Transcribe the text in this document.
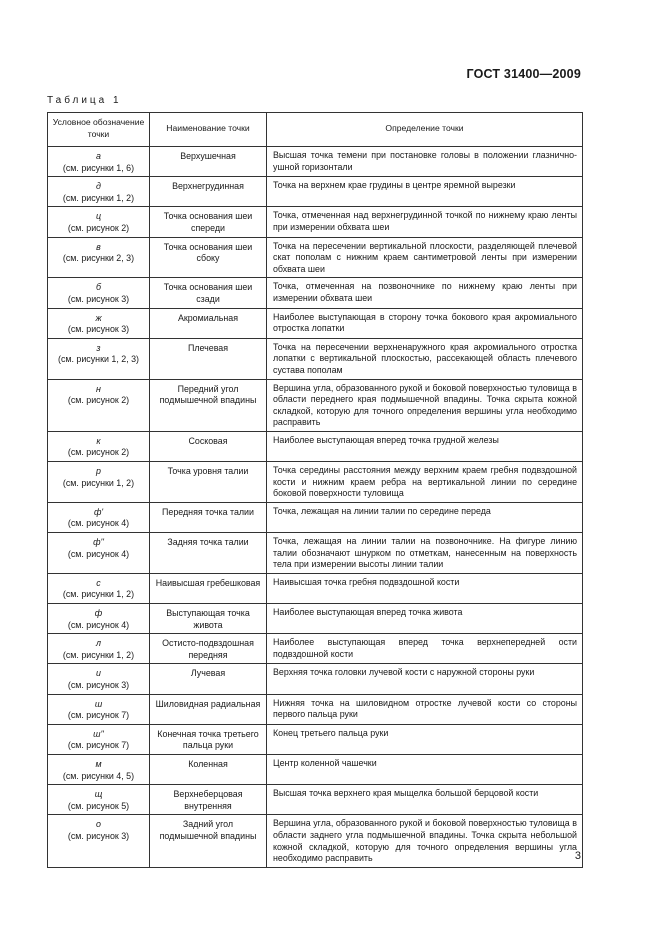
ГОСТ 31400—2009
Таблица 1
Условное обозначение точки	Наименование точки	Определение точки
а
(см. рисунки 1, 6)	Верхушечная	Высшая точка темени при постановке головы в положении глазнично-ушной горизонтали
д
(см. рисунки 1, 2)	Верхнегрудинная	Точка на верхнем крае грудины в центре яремной вырезки
ц
(см. рисунок 2)	Точка основания шеи спереди	Точка, отмеченная над верхнегрудинной точкой по нижнему краю ленты при измерении обхвата шеи
в
(см. рисунки 2, 3)	Точка основания шеи сбоку	Точка на пересечении вертикальной плоскости, разделяющей плечевой скат пополам с нижним краем сантиметровой ленты при измерении обхвата шеи
б
(см. рисунок 3)	Точка основания шеи сзади	Точка, отмеченная на позвоночнике по нижнему краю ленты при измерении обхвата шеи
ж
(см. рисунок 3)	Акромиальная	Наиболее выступающая в сторону точка бокового края акромиального отростка лопатки
з
(см. рисунки 1, 2, 3)	Плечевая	Точка на пересечении верхненаружного края акромиального отростка лопатки с вертикальной плоскостью, рассекающей область плечевого сустава пополам
н
(см. рисунок 2)	Передний угол подмышечной впадины	Вершина угла, образованного рукой и боковой поверхностью туловища в области переднего края подмышечной впадины. Точка скрыта кожной складкой, которую для точного определения вершины угла необходимо расправить
к
(см. рисунок 2)	Сосковая	Наиболее выступающая вперед точка грудной железы
р
(см. рисунки 1, 2)	Точка уровня талии	Точка середины расстояния между верхним краем гребня подвздошной кости и нижним краем ребра на вертикальной линии по середине боковой поверхности туловища
ф'
(см. рисунок 4)	Передняя точка талии	Точка, лежащая на линии талии по середине переда
ф''
(см. рисунок 4)	Задняя точка талии	Точка, лежащая на линии талии на позвоночнике. На фигуре линию талии обозначают шнурком по отметкам, нанесенным на поверхность тела при измерении высоты линии талии
с
(см. рисунки 1, 2)	Наивысшая гребешковая	Наивысшая точка гребня подвздошной кости
ф
(см. рисунок 4)	Выступающая точка живота	Наиболее выступающая вперед точка живота
л
(см. рисунки 1, 2)	Остисто-подвздошная передняя	Наиболее выступающая вперед точка верхнепередней ости подвздошной кости
и
(см. рисунок 3)	Лучевая	Верхняя точка головки лучевой кости с наружной стороны руки
ш
(см. рисунок 7)	Шиловидная радиальная	Нижняя точка на шиловидном отростке лучевой кости со стороны первого пальца руки
ш''
(см. рисунок 7)	Конечная точка третьего пальца руки	Конец третьего пальца руки
м
(см. рисунки 4, 5)	Коленная	Центр коленной чашечки
щ
(см. рисунок 5)	Верхнеберцовая внутренняя	Высшая точка верхнего края мыщелка большой берцовой кости
о
(см. рисунок 3)	Задний угол подмышечной впадины	Вершина угла, образованного рукой и боковой поверхностью туловища в области заднего угла подмышечной впадины. Точка скрыта небольшой кожной складкой, которую для точного определения вершины угла необходимо расправить	3
